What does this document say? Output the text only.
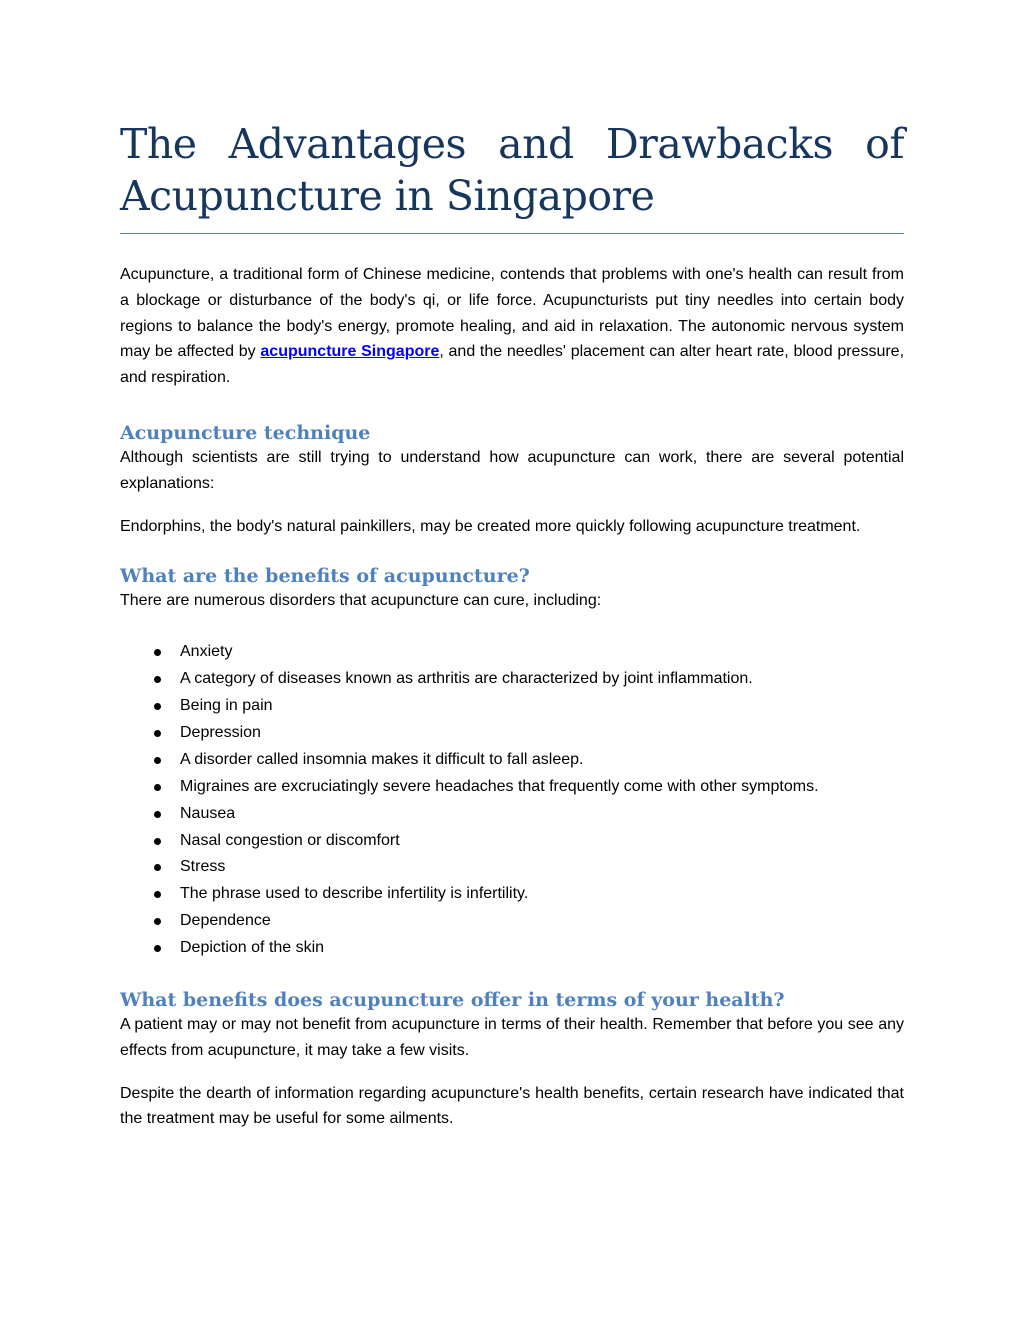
The Advantages and Drawbacks of
Acupuncture in Singapore

Acupuncture, a traditional form of Chinese medicine, contends that problems with one's health can result from a blockage or disturbance of the body's qi, or life force. Acupuncturists put tiny needles into certain body regions to balance the body's energy, promote healing, and aid in relaxation. The autonomic nervous system may be affected by acupuncture Singapore, and the needles' placement can alter heart rate, blood pressure, and respiration.

Acupuncture technique

Although scientists are still trying to understand how acupuncture can work, there are several potential explanations:

Endorphins, the body's natural painkillers, may be created more quickly following acupuncture treatment.

What are the benefits of acupuncture?

There are numerous disorders that acupuncture can cure, including:

Anxiety
A category of diseases known as arthritis are characterized by joint inflammation.
Being in pain
Depression
A disorder called insomnia makes it difficult to fall asleep.
Migraines are excruciatingly severe headaches that frequently come with other symptoms.
Nausea
Nasal congestion or discomfort
Stress
The phrase used to describe infertility is infertility.
Dependence
Depiction of the skin
What benefits does acupuncture offer in terms of your health?

A patient may or may not benefit from acupuncture in terms of their health. Remember that before you see any effects from acupuncture, it may take a few visits.

Despite the dearth of information regarding acupuncture's health benefits, certain research have indicated that the treatment may be useful for some ailments.
